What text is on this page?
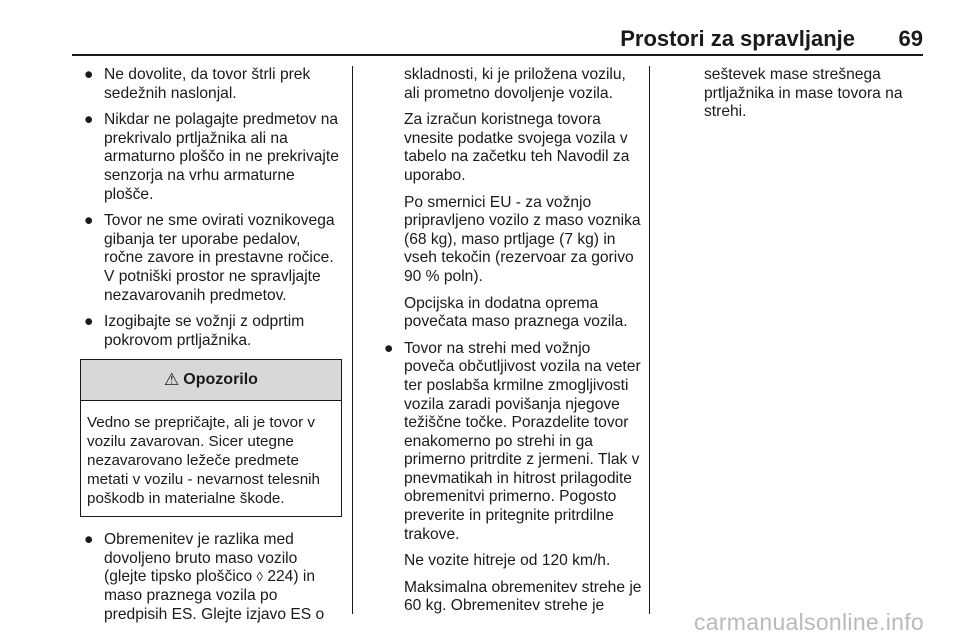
Prostori za spravljanje 69
● Ne dovolite, da tovor štrli prek sedežnih naslonjal.
● Nikdar ne polagajte predmetov na prekrivalo prtljažnika ali na armaturno ploščo in ne prekrivajte senzorja na vrhu armaturne plošče.
● Tovor ne sme ovirati voznikovega gibanja ter uporabe pedalov, ročne zavore in prestavne ročice. V potniški prostor ne spravljajte nezavarovanih predmetov.
● Izogibajte se vožnji z odprtim pokrovom prtljažnika.
⚠ Opozorilo
Vedno se prepričajte, ali je tovor v vozilu zavarovan. Sicer utegne nezavarovano ležeče predmete metati v vozilu - nevarnost telesnih poškodb in materialne škode.
● Obremenitev je razlika med dovoljeno bruto maso vozilo (glejte tipsko ploščico ◊ 224) in maso praznega vozila po predpisih ES. Glejte izjavo ES o

skladnosti, ki je priložena vozilu, ali prometno dovoljenje vozila.

Za izračun koristnega tovora vnesite podatke svojega vozila v tabelo na začetku teh Navodil za uporabo.

Po smernici EU - za vožnjo pripravljeno vozilo z maso voznika (68 kg), maso prtljage (7 kg) in vseh tekočin (rezervoar za gorivo 90 % poln).

Opcijska in dodatna oprema povečata maso praznega vozila.

● Tovor na strehi med vožnjo poveča občutljivost vozila na veter ter poslabša krmilne zmogljivosti vozila zaradi povišanja njegove težiščne točke. Porazdelite tovor enakomerno po strehi in ga primerno pritrdite z jermeni. Tlak v pnevmatikah in hitrost prilagodite obremenitvi primerno. Pogosto preverite in pritegnite pritrdilne trakove.

Ne vozite hitreje od 120 km/h.

Maksimalna obremenitev strehe je 60 kg. Obremenitev strehe je

seštevek mase strešnega prtljažnika in mase tovora na strehi.

carmanualsonline.info
